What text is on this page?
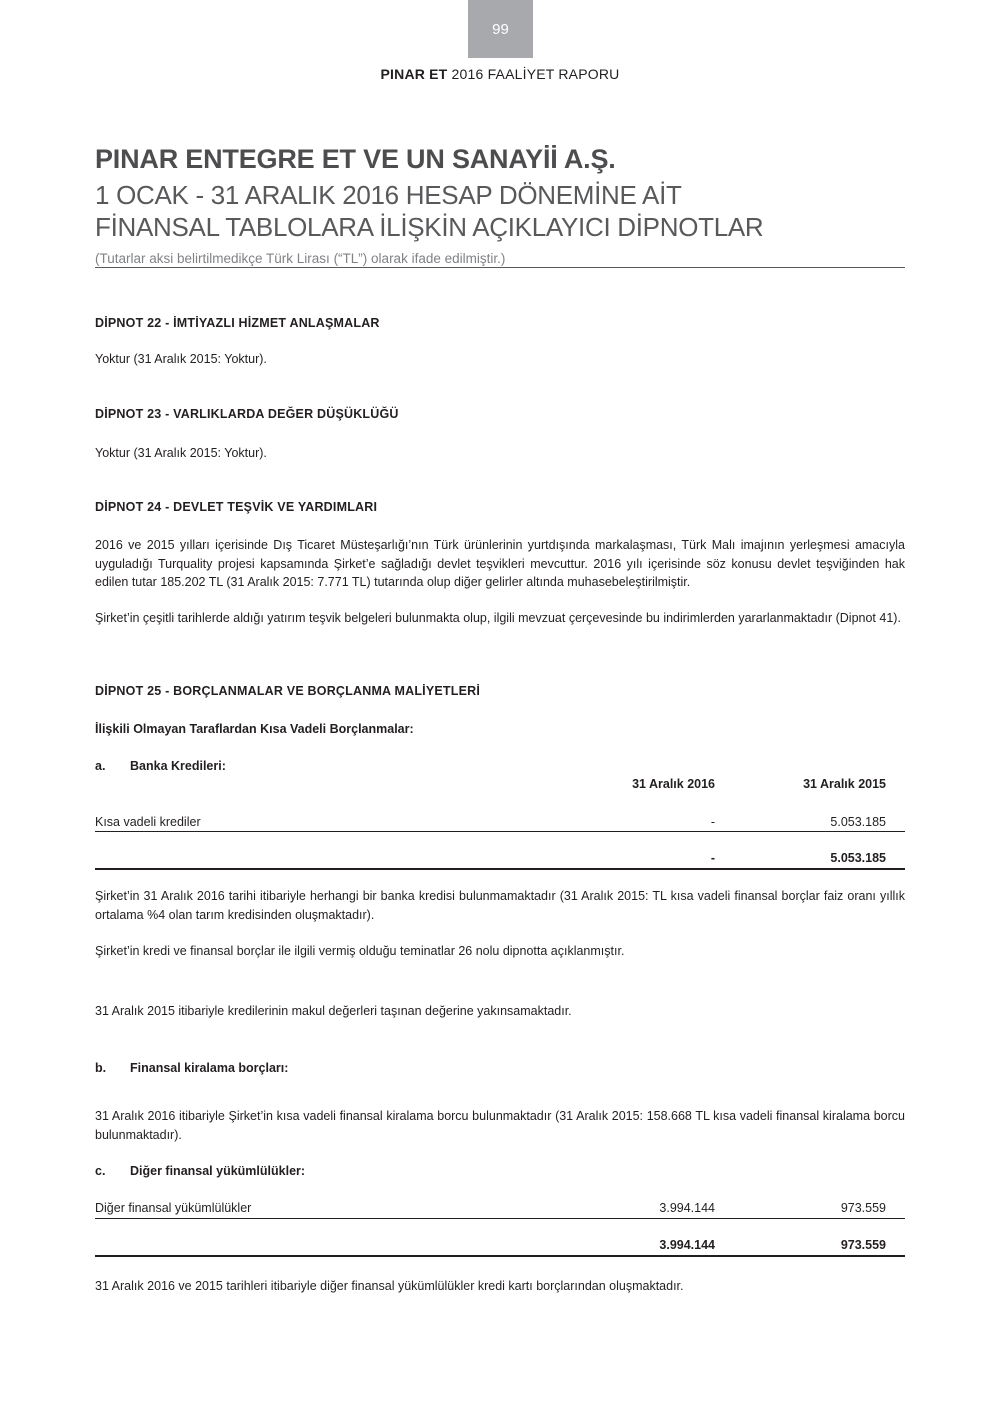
99
PINAR ET 2016 FAALİYET RAPORU
PINAR ENTEGRE ET VE UN SANAYİİ A.Ş.
1 OCAK - 31 ARALIK 2016 HESAP DÖNEMİNE AİT
FİNANSAL TABLOLARA İLİŞKİN AÇIKLAYICI DİPNOTLAR
(Tutarlar aksi belirtilmedikçe Türk Lirası (“TL”) olarak ifade edilmiştir.)
DİPNOT 22 - İMTİYAZLI HİZMET ANLAŞMALAR
Yoktur (31 Aralık 2015: Yoktur).
DİPNOT 23 - VARLIKLARDA DEĞER DÜŞÜKLÜĞÜ
Yoktur (31 Aralık 2015: Yoktur).
DİPNOT 24 - DEVLET TEŞVİK VE YARDIMLARI
2016 ve 2015 yılları içerisinde Dış Ticaret Müsteşarlığı’nın Türk ürünlerinin yurtdışında markalaşması, Türk Malı imajının yerleşmesi amacıyla uyguladığı Turquality projesi kapsamında Şirket’e sağladığı devlet teşvikleri mevcuttur. 2016 yılı içerisinde söz konusu devlet teşviğinden hak edilen tutar 185.202 TL (31 Aralık 2015: 7.771 TL) tutarında olup diğer gelirler altında muhasebeleştirilmiştir.
Şirket’in çeşitli tarihlerde aldığı yatırım teşvik belgeleri bulunmakta olup, ilgili mevzuat çerçevesinde bu indirimlerden yararlanmaktadır (Dipnot 41).
DİPNOT 25 - BORÇLANMALAR VE BORÇLANMA MALİYETLERİ
İlişkili Olmayan Taraflardan Kısa Vadeli Borçlanmalar:
a. Banka Kredileri:
31 Aralık 2016	31 Aralık 2015
Kısa vadeli krediler	-	5.053.185
-	5.053.185
Şirket’in 31 Aralık 2016 tarihi itibariyle herhangi bir banka kredisi bulunmamaktadır (31 Aralık 2015: TL kısa vadeli finansal borçlar faiz oranı yıllık ortalama %4 olan tarım kredisinden oluşmaktadır).
Şirket’in kredi ve finansal borçlar ile ilgili vermiş olduğu teminatlar 26 nolu dipnotta açıklanmıştır.
31 Aralık 2015 itibariyle kredilerinin makul değerleri taşınan değerine yakınsamaktadır.
b. Finansal kiralama borçları:
31 Aralık 2016 itibariyle Şirket’in kısa vadeli finansal kiralama borcu bulunmaktadır (31 Aralık 2015: 158.668 TL kısa vadeli finansal kiralama borcu bulunmaktadır).
c. Diğer finansal yükümlülükler:
Diğer finansal yükümlülükler	3.994.144	973.559
3.994.144	973.559
31 Aralık 2016 ve 2015 tarihleri itibariyle diğer finansal yükümlülükler kredi kartı borçlarından oluşmaktadır.
